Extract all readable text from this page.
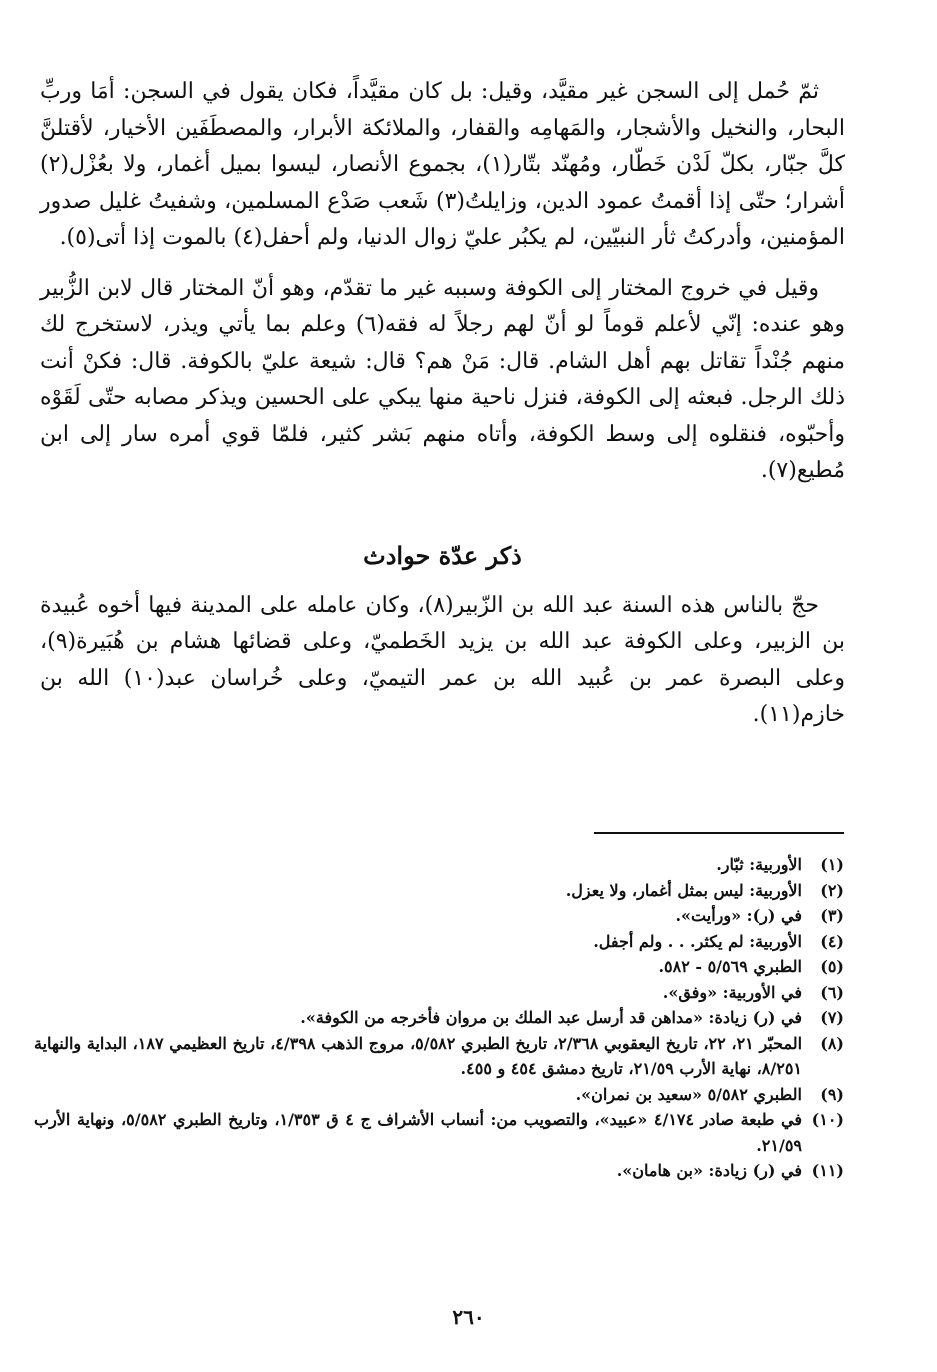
ثمّ حُمل إلى السجن غير مقيَّد، وقيل: بل كان مقيَّداً، فكان يقول في السجن: أمَا وربِّ البحار، والنخيل والأشجار، والمَهامِه والقفار، والملائكة الأبرار، والمصطَفَين الأخيار، لأقتلنَّ كلَّ جبّار، بكلّ لَدْن خَطّار، ومُهنّد بتّار(١)، بجموع الأنصار، ليسوا بميل أغمار، ولا بعُزْل(٢) أشرار؛ حتّى إذا أقمتُ عمود الدين، وزايلتُ(٣) شَعب صَدْع المسلمين، وشفيتُ غليل صدور المؤمنين، وأدركتُ ثأر النبيّين، لم يكبُر عليّ زوال الدنيا، ولم أحفل(٤) بالموت إذا أتى(٥).

وقيل في خروج المختار إلى الكوفة وسببه غير ما تقدّم، وهو أنّ المختار قال لابن الزُّبير وهو عنده: إنّي لأعلم قوماً لو أنّ لهم رجلاً له فقه(٦) وعلم بما يأتي ويذر، لاستخرج لك منهم جُنْداً تقاتل بهم أهل الشام. قال: مَنْ هم؟ قال: شيعة عليّ بالكوفة. قال: فكنْ أنت ذلك الرجل. فبعثه إلى الكوفة، فنزل ناحية منها يبكي على الحسين ويذكر مصابه حتّى لَقَوْه وأحبّوه، فنقلوه إلى وسط الكوفة، وأتاه منهم بَشر كثير، فلمّا قوي أمره سار إلى ابن مُطيع(٧).

ذكر عدّة حوادث

حجّ بالناس هذه السنة عبد الله بن الزّبير(٨)، وكان عامله على المدينة فيها أخوه عُبيدة بن الزبير، وعلى الكوفة عبد الله بن يزيد الخَطميّ، وعلى قضائها هشام بن هُبَيرة(٩)، وعلى البصرة عمر بن عُبيد الله بن عمر التيميّ، وعلى خُراسان عبد(١٠) الله بن خازم(١١).

(١)
الأوربية: ثبّار.
(٢)
الأوربية: ليس بمثل أغمار، ولا يعزل.
(٣)
في (ر): «ورأيت».
(٤)
الأوربية: لم يكثر. . . ولم أجفل.
(٥)
الطبري ٥/٥٦٩ - ٥٨٢.
(٦)
في الأوربية: «وفق».
(٧)
في (ر) زيادة: «مداهن قد أرسل عبد الملك بن مروان فأخرجه من الكوفة».
(٨)
المحبّر ٢١، ٢٢، تاريخ اليعقوبي ٢/٣٦٨، تاريخ الطبري ٥/٥٨٢، مروج الذهب ٤/٣٩٨، تاريخ العظيمي ١٨٧، البداية والنهاية ٨/٢٥١، نهاية الأرب ٢١/٥٩، تاريخ دمشق ٤٥٤ و ٤٥٥.
(٩)
الطبري ٥/٥٨٢ «سعيد بن نمران».
(١٠)
في طبعة صادر ٤/١٧٤ «عبيد»، والتصويب من: أنساب الأشراف ج ٤ ق ١/٣٥٣، وتاريخ الطبري ٥/٥٨٢، ونهاية الأرب ٢١/٥٩.
(١١)
في (ر) زيادة: «بن هامان».
٢٦٠
